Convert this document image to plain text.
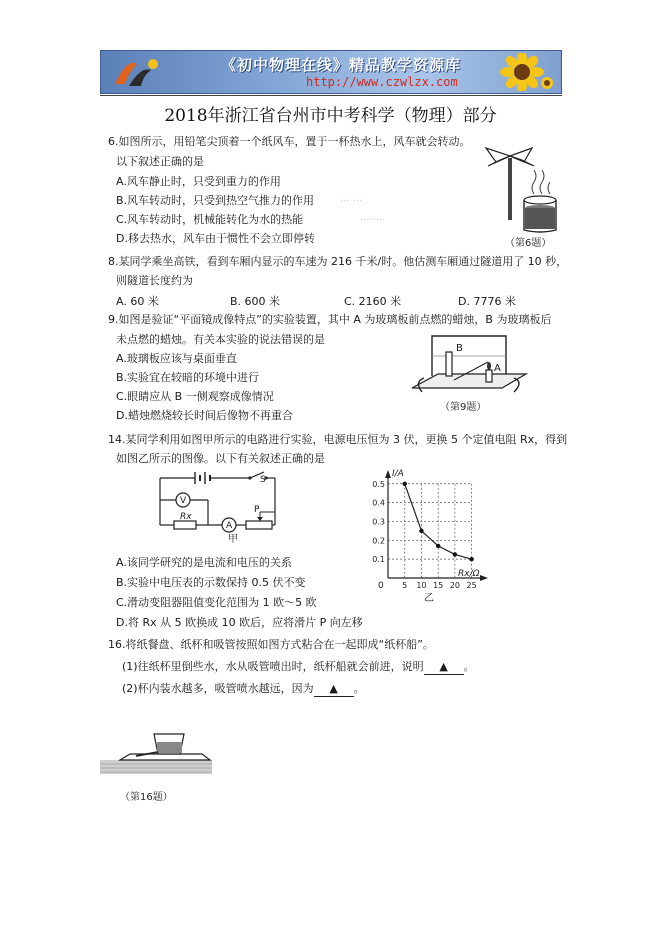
《初中物理在线》精品教学资源库
http://www.czwlzx.com
2018年浙江省台州市中考科学（物理）部分
··· ···
·· ····
6.如图所示，用铅笔尖顶着一个纸风车，置于一杯热水上，风车就会转动。
以下叙述正确的是
A.风车静止时，只受到重力的作用
B.风车转动时，只受到热空气推力的作用
C.风车转动时，机械能转化为水的热能
D.移去热水，风车由于惯性不会立即停转	（第6题）
8.某同学乘坐高铁，看到车厢内显示的车速为 216 千米/时。他估测车厢通过隧道用了 10 秒，
则隧道长度约为
A. 60 米	B. 600 米	C. 2160 米	D. 7776 米
9.如图是验证“平面镜成像特点”的实验装置，其中 A 为玻璃板前点燃的蜡烛，B 为玻璃板后
未点燃的蜡烛。有关本实验的说法错误的是
A.玻璃板应该与桌面垂直
B.实验宜在较暗的环境中进行
C.眼睛应从 B 一侧观察成像情况
D.蜡烛燃烧较长时间后像物不再重合
B
A
（第9题）
14.某同学利用如图甲所示的电路进行实验，电源电压恒为 3 伏，更换 5 个定值电阻 Rx，得到
如图乙所示的图像。以下有关叙述正确的是
S
V
Rx
A
P
甲
5 10 15 20 25
0.1
0.2
0.3
0.4
0.5
I/A
Rx/Ω
0
乙
A.该同学研究的是电流和电压的关系
B.实验中电压表的示数保持 0.5 伏不变
C.滑动变阻器阻值变化范围为 1 欧～5 欧
D.将 Rx 从 5 欧换成 10 欧后，应将滑片 P 向左移
16.将纸餐盘、纸杯和吸管按照如图方式粘合在一起即成“纸杯船”。
(1)往纸杯里倒些水，水从吸管喷出时，纸杯船就会前进，说明 ▲ 。
(2)杯内装水越多，吸管喷水越远，因为 ▲ 。
（第16题）
